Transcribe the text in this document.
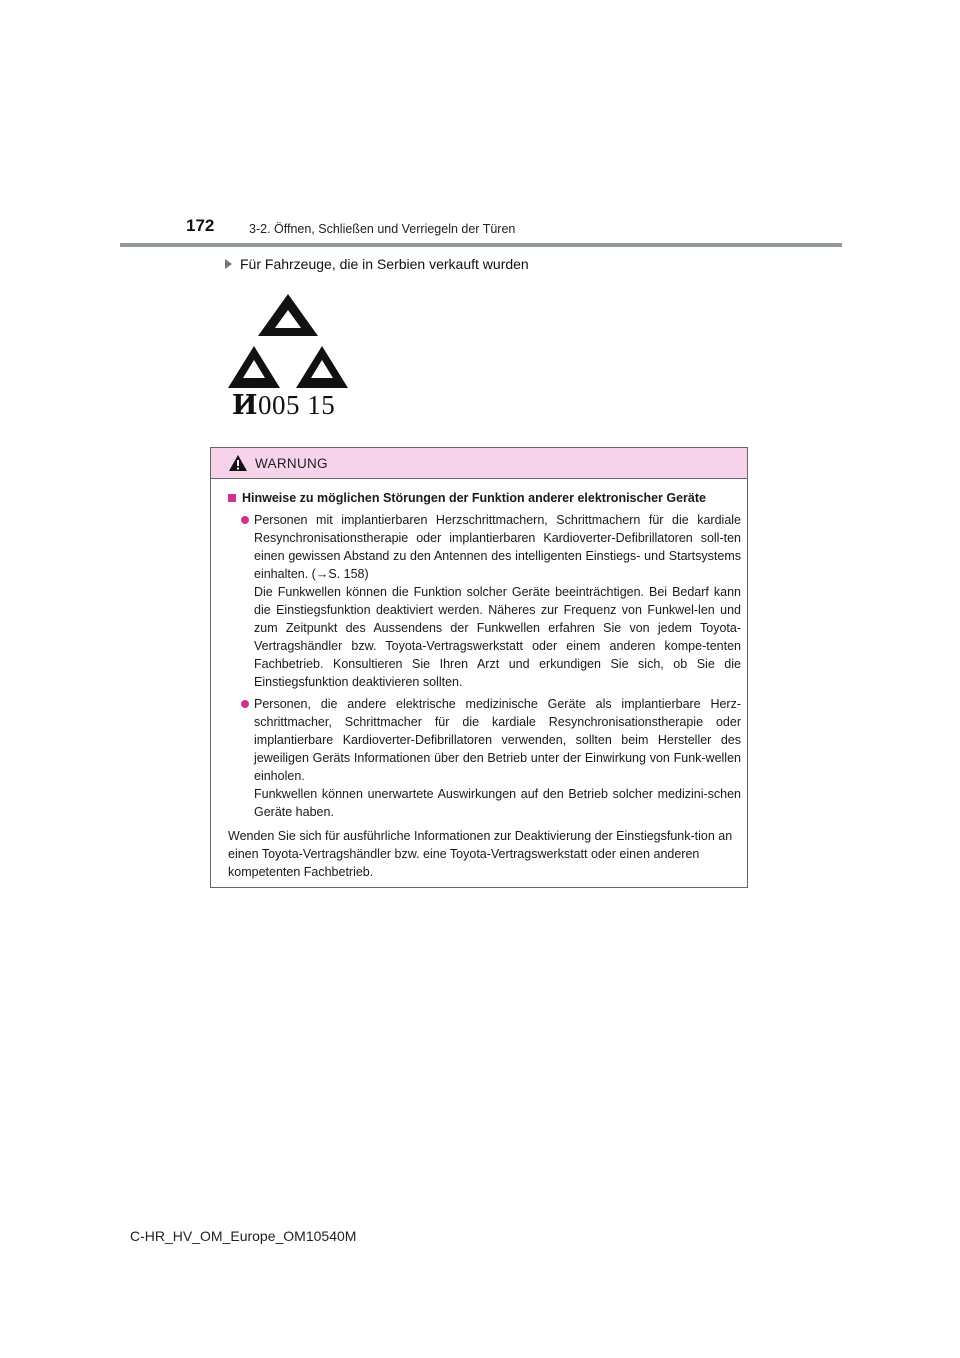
172	3-2. Öffnen, Schließen und Verriegeln der Türen
Für Fahrzeuge, die in Serbien verkauft wurden
И005 15
WARNUNG
Hinweise zu möglichen Störungen der Funktion anderer elektronischer Geräte

Personen mit implantierbaren Herzschrittmachern, Schrittmachern für die kardiale Resynchronisationstherapie oder implantierbaren Kardioverter-Defibrillatoren soll-ten einen gewissen Abstand zu den Antennen des intelligenten Einstiegs- und Startsystems einhalten. (→S. 158)

Die Funkwellen können die Funktion solcher Geräte beeinträchtigen. Bei Bedarf kann die Einstiegsfunktion deaktiviert werden. Näheres zur Frequenz von Funkwel-len und zum Zeitpunkt des Aussendens der Funkwellen erfahren Sie von jedem Toyota-Vertragshändler bzw. Toyota-Vertragswerkstatt oder einem anderen kompe-tenten Fachbetrieb. Konsultieren Sie Ihren Arzt und erkundigen Sie sich, ob Sie die Einstiegsfunktion deaktivieren sollten.

Personen, die andere elektrische medizinische Geräte als implantierbare Herz-schrittmacher, Schrittmacher für die kardiale Resynchronisationstherapie oder implantierbare Kardioverter-Defibrillatoren verwenden, sollten beim Hersteller des jeweiligen Geräts Informationen über den Betrieb unter der Einwirkung von Funk-wellen einholen.

Funkwellen können unerwartete Auswirkungen auf den Betrieb solcher medizini-schen Geräte haben.

Wenden Sie sich für ausführliche Informationen zur Deaktivierung der Einstiegsfunk-tion an einen Toyota-Vertragshändler bzw. eine Toyota-Vertragswerkstatt oder einen anderen kompetenten Fachbetrieb.

C-HR_HV_OM_Europe_OM10540M
